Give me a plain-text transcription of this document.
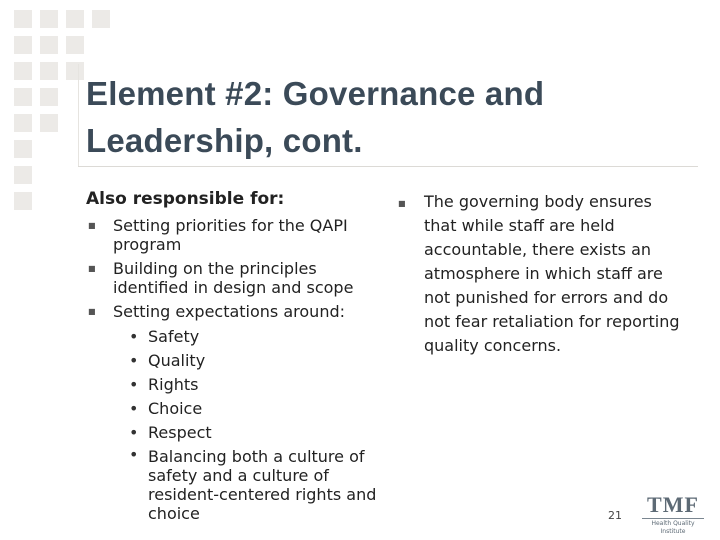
Element #2: Governance and
Leadership, cont.
Also responsible for:
■ Setting priorities for the QAPI program
■ Building on the principles identified in design and scope
■ Setting expectations around:
• Safety
• Quality
• Rights
• Choice
• Respect
• Balancing both a culture of safety and a culture of resident-centered rights and choice
■ The governing body ensures that while staff are held accountable, there exists an atmosphere in which staff are not punished for errors and do not fear retaliation for reporting quality concerns.
21 TMF
Health Quality Institute
